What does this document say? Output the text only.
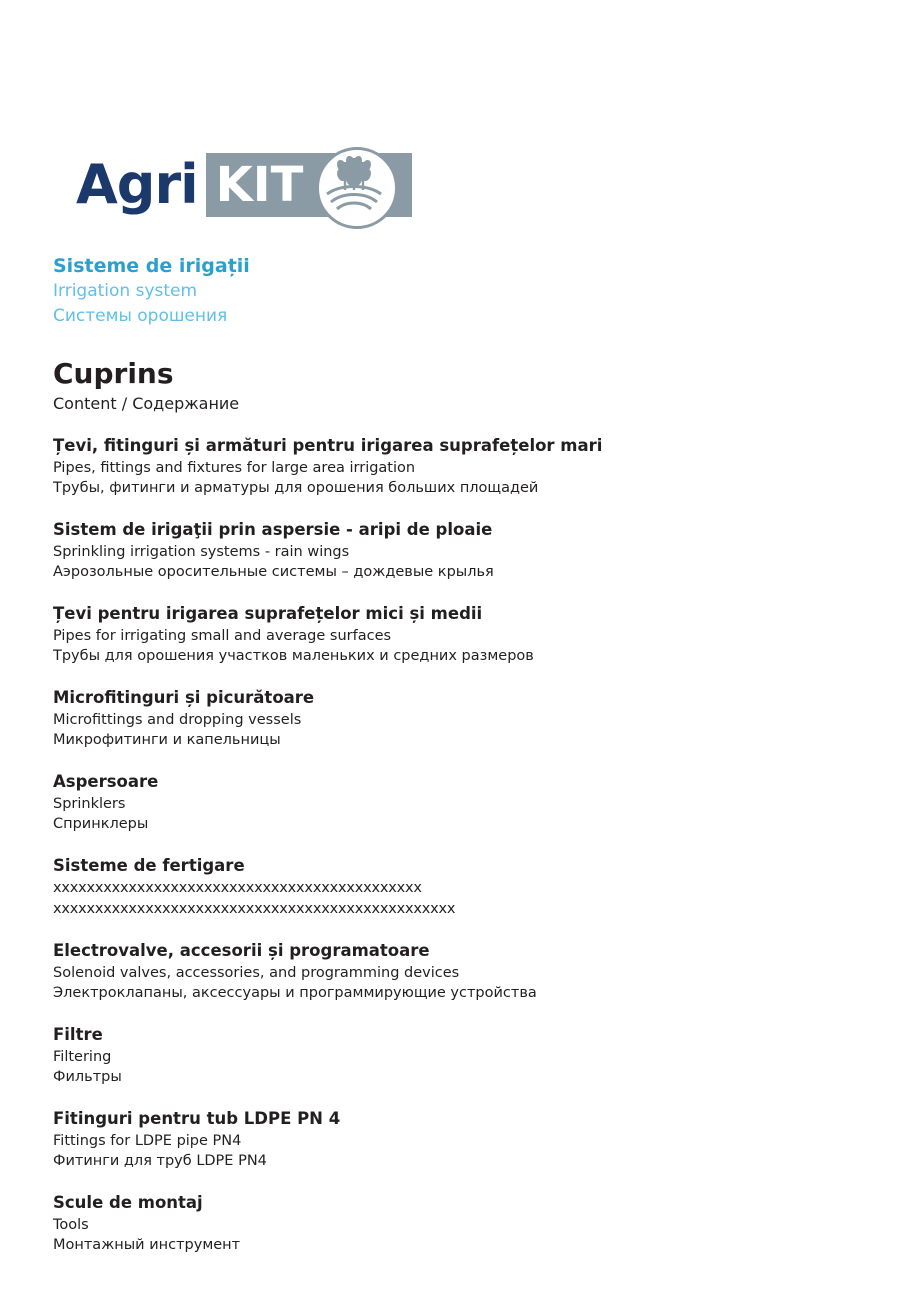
Agri KIT
Sisteme de irigații
Irrigation system
Системы орошения
Cuprins
Content / Содержание
Țevi, fitinguri și armături pentru irigarea suprafețelor mari
Pipes, fittings and fixtures for large area irrigation
Трубы, фитинги и арматуры для орошения больших площадей
Sistem de irigaţii prin aspersie - aripi de ploaie
Sprinkling irrigation systems - rain wings
Аэрозольные оросительные системы – дождевые крылья
Țevi pentru irigarea suprafețelor mici și medii
Pipes for irrigating small and average surfaces
Трубы для орошения участков маленьких и средних размеров
Microfitinguri și picurătoare
Microfittings and dropping vessels
Микрофитинги и капельницы
Aspersoare
Sprinklers
Спринклеры
Sisteme de fertigare
xxxxxxxxxxxxxxxxxxxxxxxxxxxxxxxxxxxxxxxxxxxx
xxxxxxxxxxxxxxxxxxxxxxxxxxxxxxxxxxxxxxxxxxxxxxxx
Electrovalve, accesorii și programatoare
Solenoid valves, accessories, and programming devices
Электроклапаны, аксессуары и программирующие устройства
Filtre
Filtering
Фильтры
Fitinguri pentru tub LDPE PN 4
Fittings for LDPE pipe PN4
Фитинги для труб LDPE PN4
Scule de montaj
Tools
Монтажный инструмент
